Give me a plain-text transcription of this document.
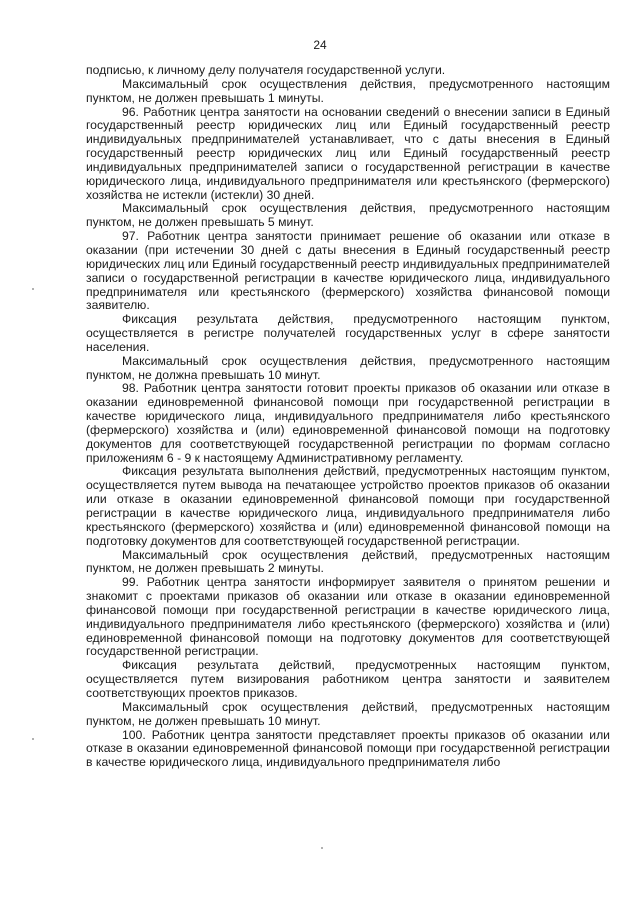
24

подписью, к личному делу получателя государственной услуги.

Максимальный срок осуществления действия, предусмотренного настоящим пунктом, не должен превышать 1 минуты.

96. Работник центра занятости на основании сведений о внесении записи в Единый государственный реестр юридических лиц или Единый государственный реестр индивидуальных предпринимателей устанавливает, что с даты внесения в Единый государственный реестр юридических лиц или Единый государственный реестр индивидуальных предпринимателей записи о государственной регистрации в качестве юридического лица, индивидуального предпринимателя или крестьянского (фермерского) хозяйства не истекли (истекли) 30 дней.

Максимальный срок осуществления действия, предусмотренного настоящим пунктом, не должен превышать 5 минут.

97. Работник центра занятости принимает решение об оказании или отказе в оказании (при истечении 30 дней с даты внесения в Единый государственный реестр юридических лиц или Единый государственный реестр индивидуальных предпринимателей записи о государственной регистрации в качестве юридического лица, индивидуального предпринимателя или крестьянского (фермерского) хозяйства финансовой помощи заявителю.

Фиксация результата действия, предусмотренного настоящим пунктом, осуществляется в регистре получателей государственных услуг в сфере занятости населения.

Максимальный срок осуществления действия, предусмотренного настоящим пунктом, не должна превышать 10 минут.

98. Работник центра занятости готовит проекты приказов об оказании или отказе в оказании единовременной финансовой помощи при государственной регистрации в качестве юридического лица, индивидуального предпринимателя либо крестьянского (фермерского) хозяйства и (или) единовременной финансовой помощи на подготовку документов для соответствующей государственной регистрации по формам согласно приложениям 6 - 9 к настоящему Административному регламенту.

Фиксация результата выполнения действий, предусмотренных настоящим пунктом, осуществляется путем вывода на печатающее устройство проектов приказов об оказании или отказе в оказании единовременной финансовой помощи при государственной регистрации в качестве юридического лица, индивидуального предпринимателя либо крестьянского (фермерского) хозяйства и (или) единовременной финансовой помощи на подготовку документов для соответствующей государственной регистрации.

Максимальный срок осуществления действий, предусмотренных настоящим пунктом, не должен превышать 2 минуты.

99. Работник центра занятости информирует заявителя о принятом решении и знакомит с проектами приказов об оказании или отказе в оказании единовременной финансовой помощи при государственной регистрации в качестве юридического лица, индивидуального предпринимателя либо крестьянского (фермерского) хозяйства и (или) единовременной финансовой помощи на подготовку документов для соответствующей государственной регистрации.

Фиксация результата действий, предусмотренных настоящим пунктом, осуществляется путем визирования работником центра занятости и заявителем соответствующих проектов приказов.

Максимальный срок осуществления действий, предусмотренных настоящим пунктом, не должен превышать 10 минут.

100. Работник центра занятости представляет проекты приказов об оказании или отказе в оказании единовременной финансовой помощи при государственной регистрации в качестве юридического лица, индивидуального предпринимателя либо
